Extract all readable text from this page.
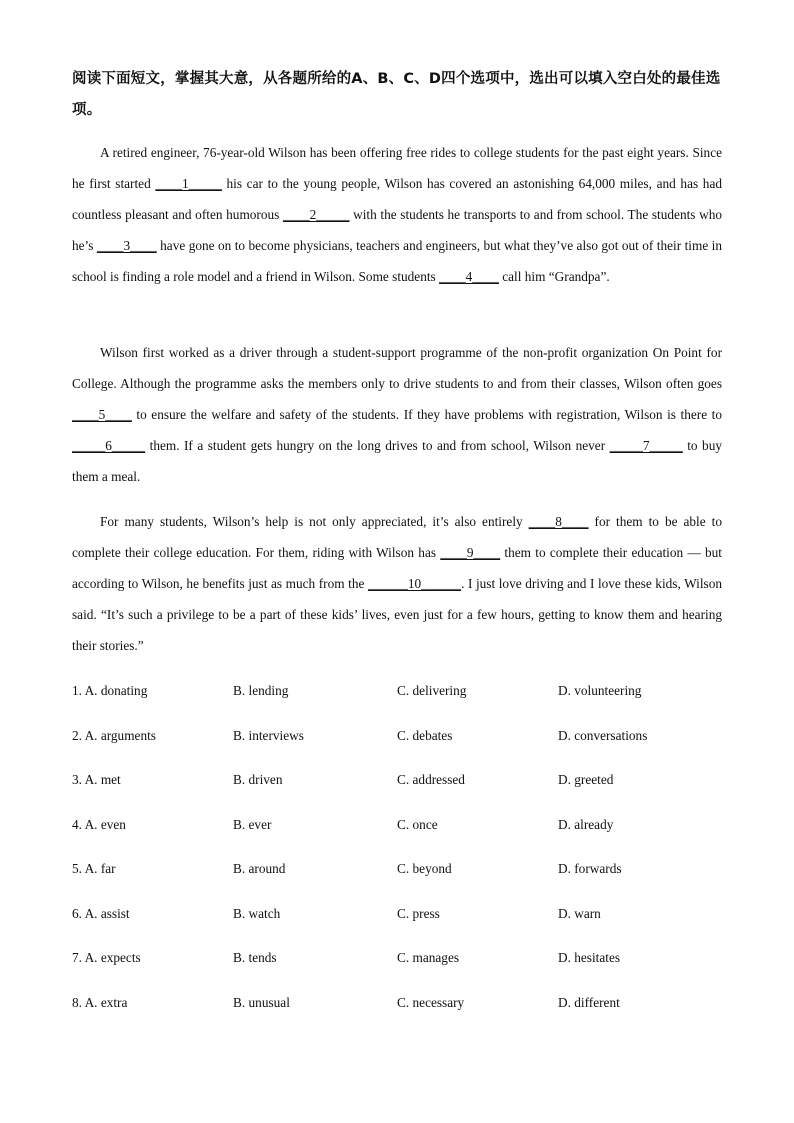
阅读下面短文，掌握其大意，从各题所给的A、B、C、D四个选项中，选出可以填入空白处的最佳选项。
A retired engineer, 76-year-old Wilson has been offering free rides to college students for the past eight years. Since he first started ____1_____ his car to the young people, Wilson has covered an astonishing 64,000 miles, and has had countless pleasant and often humorous ____2_____ with the students he transports to and from school. The students who he’s ____3____ have gone on to become physicians, teachers and engineers, but what they’ve also got out of their time in school is finding a role model and a friend in Wilson. Some students ____4____ call him “Grandpa”.
Wilson first worked as a driver through a student-support programme of the non-profit organization On Point for College. Although the programme asks the members only to drive students to and from their classes, Wilson often goes ____5____ to ensure the welfare and safety of the students. If they have problems with registration, Wilson is there to _____6_____ them. If a student gets hungry on the long drives to and from school, Wilson never _____7_____ to buy them a meal.
For many students, Wilson’s help is not only appreciated, it’s also entirely ____8____ for them to be able to complete their college education. For them, riding with Wilson has ____9____ them to complete their education — but according to Wilson, he benefits just as much from the ______10______. I just love driving and I love these kids, Wilson said. “It’s such a privilege to be a part of these kids’ lives, even just for a few hours, getting to know them and hearing their stories.”
1. A. donating	B. lending	C. delivering	D. volunteering
2. A. arguments	B. interviews	C. debates	D. conversations
3. A. met	B. driven	C. addressed	D. greeted
4. A. even	B. ever	C. once	D. already
5. A. far	B. around	C. beyond	D. forwards
6. A. assist	B. watch	C. press	D. warn
7. A. expects	B. tends	C. manages	D. hesitates
8. A. extra	B. unusual	C. necessary	D. different
